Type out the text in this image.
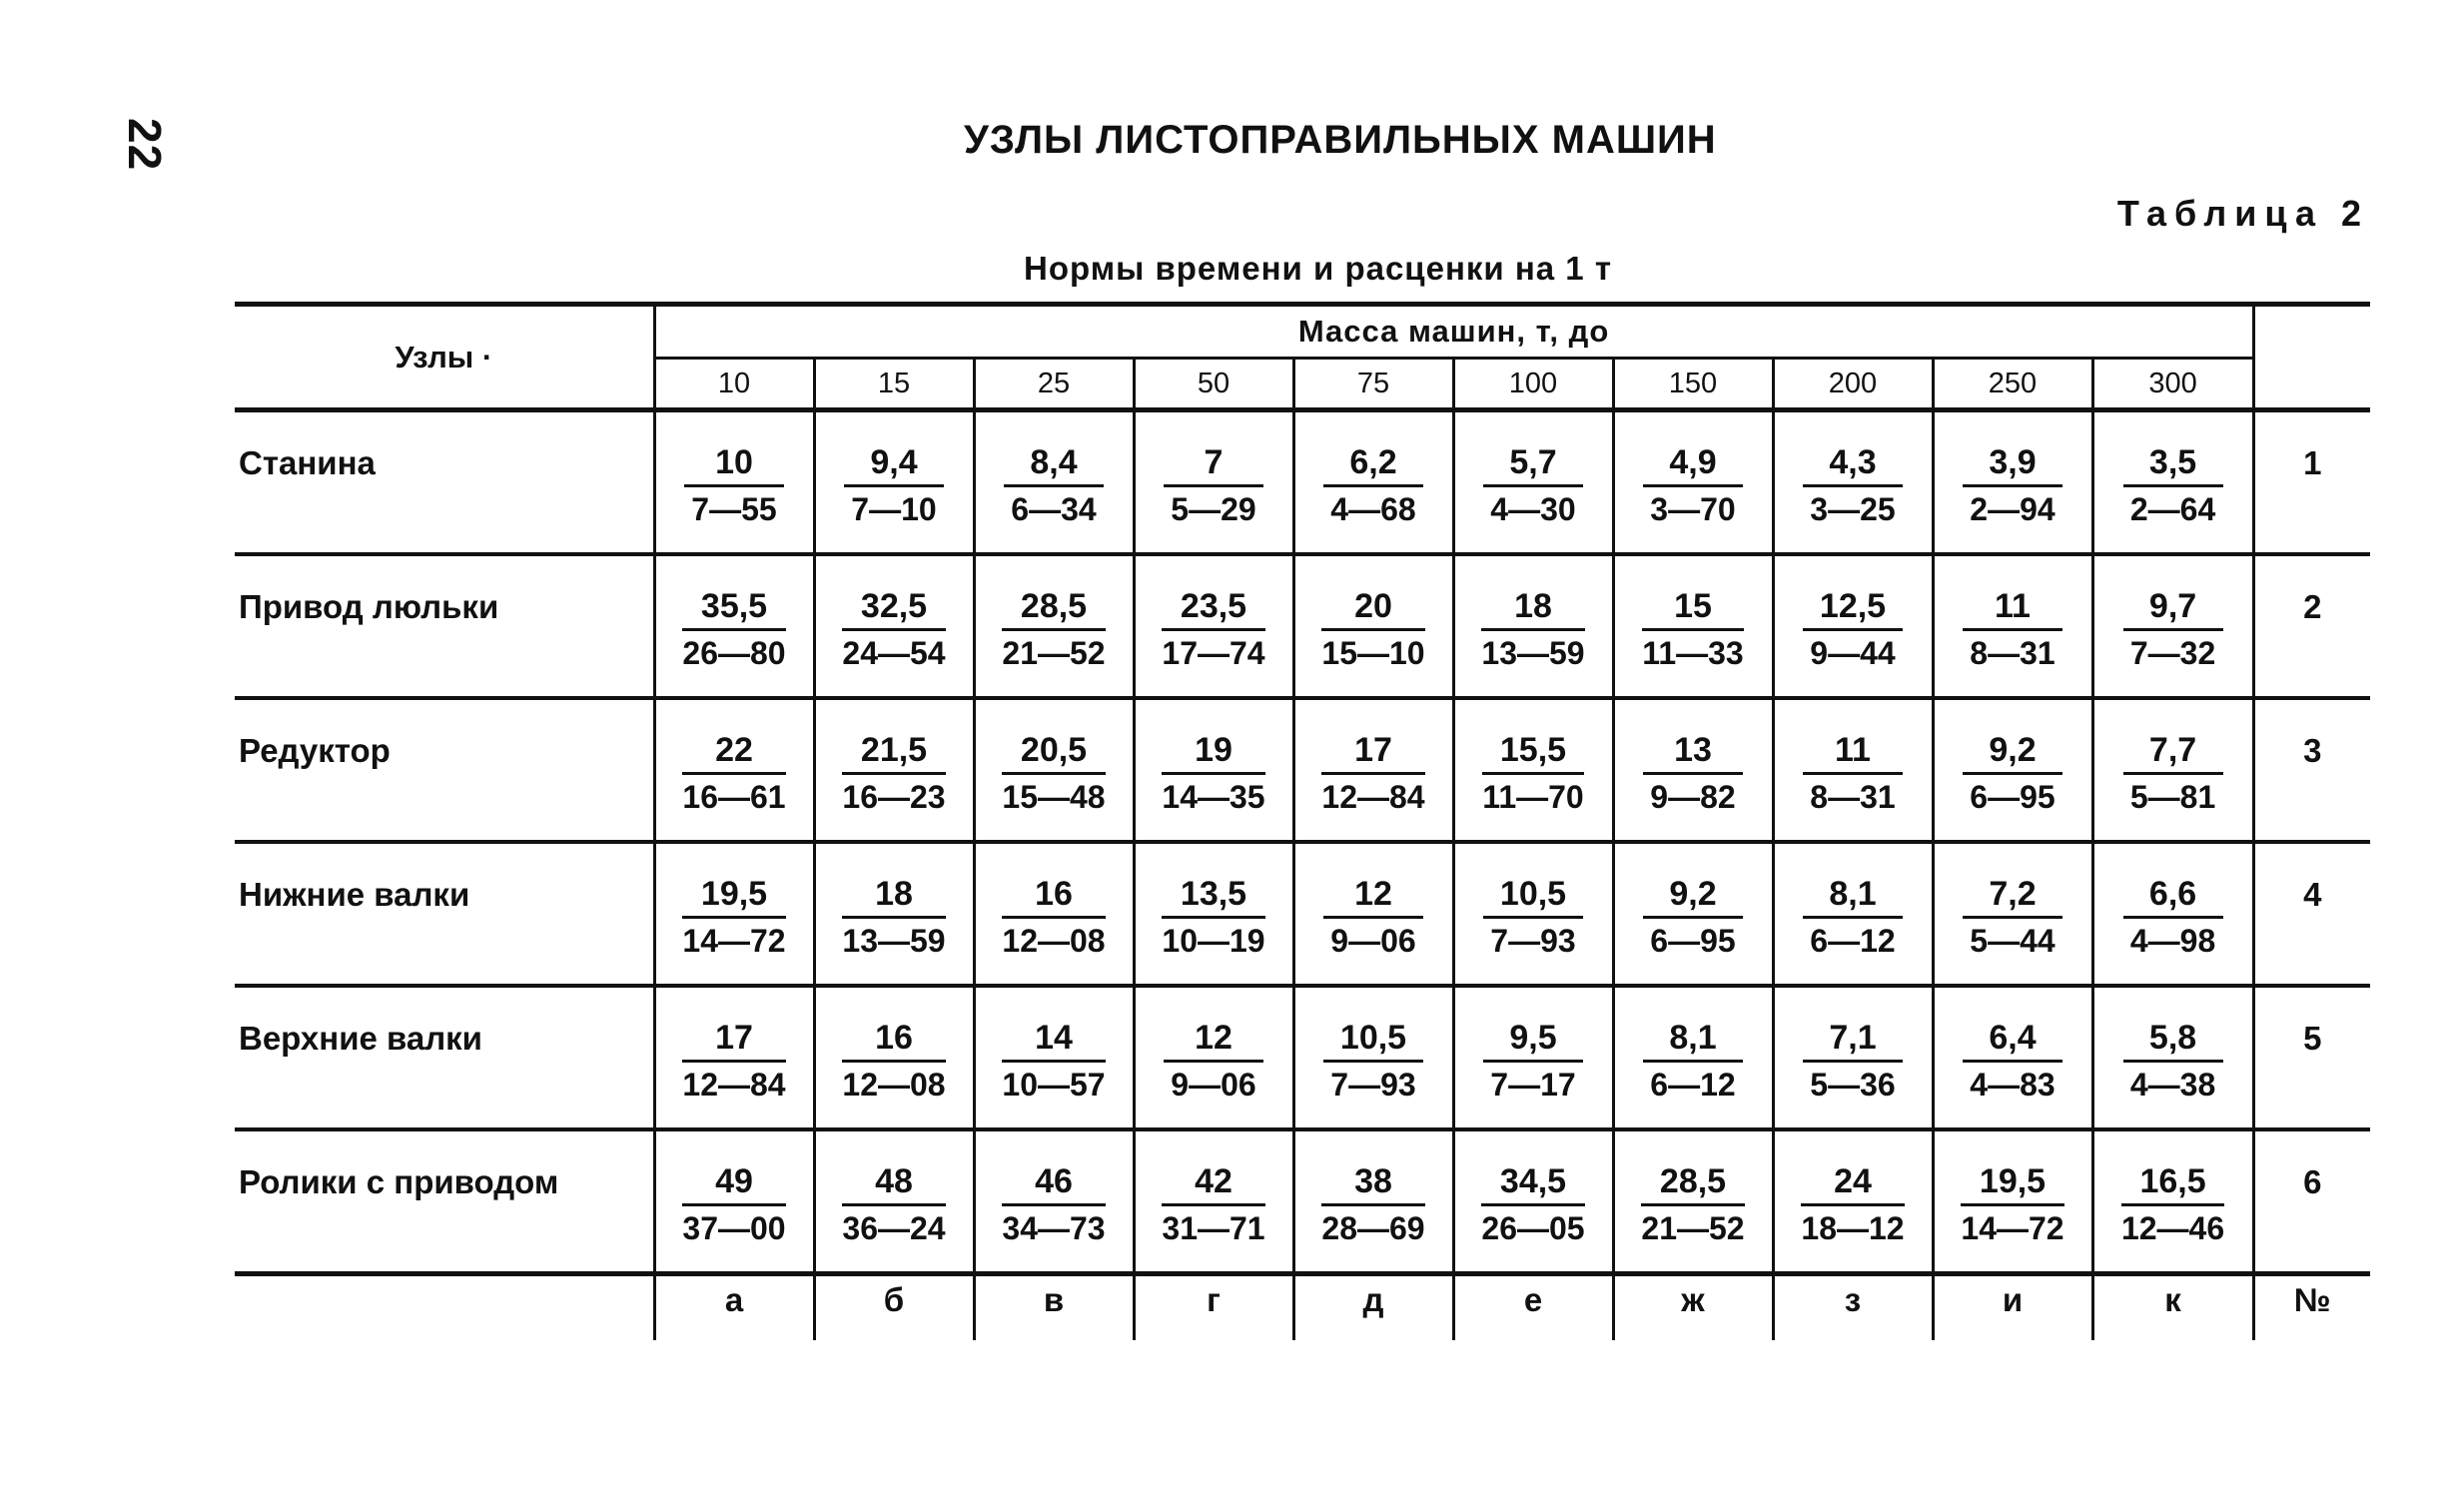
22	УЗЛЫ ЛИСТОПРАВИЛЬНЫХ МАШИН
Таблица 2
Нормы времени и расценки на 1 т
Узлы ·	Масса машин, т, до										
	10	15	25	50	75	100	150	200	250	300	
Станина	$\frac{10}{7—55}$	$\frac{9,4}{7—10}$	$\frac{8,4}{6—34}$	$\frac{7}{5—29}$	$\frac{6,2}{4—68}$	$\frac{5,7}{4—30}$	$\frac{4,9}{3—70}$	$\frac{4,3}{3—25}$	$\frac{3,9}{2—94}$	$\frac{3,5}{2—64}$	1
Привод люльки	$\frac{35,5}{26—80}$	$\frac{32,5}{24—54}$	$\frac{28,5}{21—52}$	$\frac{23,5}{17—74}$	$\frac{20}{15—10}$	$\frac{18}{13—59}$	$\frac{15}{11—33}$	$\frac{12,5}{9—44}$	$\frac{11}{8—31}$	$\frac{9,7}{7—32}$	2
Редуктор	$\frac{22}{16—61}$	$\frac{21,5}{16—23}$	$\frac{20,5}{15—48}$	$\frac{19}{14—35}$	$\frac{17}{12—84}$	$\frac{15,5}{11—70}$	$\frac{13}{9—82}$	$\frac{11}{8—31}$	$\frac{9,2}{6—95}$	$\frac{7,7}{5—81}$	3
Нижние валки	$\frac{19,5}{14—72}$	$\frac{18}{13—59}$	$\frac{16}{12—08}$	$\frac{13,5}{10—19}$	$\frac{12}{9—06}$	$\frac{10,5}{7—93}$	$\frac{9,2}{6—95}$	$\frac{8,1}{6—12}$	$\frac{7,2}{5—44}$	$\frac{6,6}{4—98}$	4
Верхние валки	$\frac{17}{12—84}$	$\frac{16}{12—08}$	$\frac{14}{10—57}$	$\frac{12}{9—06}$	$\frac{10,5}{7—93}$	$\frac{9,5}{7—17}$	$\frac{8,1}{6—12}$	$\frac{7,1}{5—36}$	$\frac{6,4}{4—83}$	$\frac{5,8}{4—38}$	5
Ролики с приводом	$\frac{49}{37—00}$	$\frac{48}{36—24}$	$\frac{46}{34—73}$	$\frac{42}{31—71}$	$\frac{38}{28—69}$	$\frac{34,5}{26—05}$	$\frac{28,5}{21—52}$	$\frac{24}{18—12}$	$\frac{19,5}{14—72}$	$\frac{16,5}{12—46}$	6
	а	б	в	г	д	е	ж	з	и	к	№
